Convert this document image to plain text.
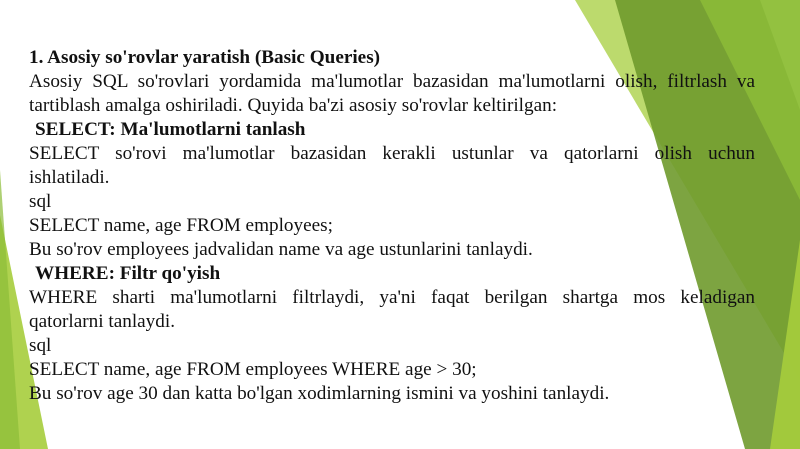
1. Asosiy so'rovlar yaratish (Basic Queries)
Asosiy SQL so'rovlari yordamida ma'lumotlar bazasidan ma'lumotlarni olish, filtrlash va
tartiblash amalga oshiriladi. Quyida ba'zi asosiy so'rovlar keltirilgan:
SELECT: Ma'lumotlarni tanlash
SELECT so'rovi ma'lumotlar bazasidan kerakli ustunlar va qatorlarni olish uchun
ishlatiladi.
sql
SELECT name, age FROM employees;
Bu so'rov employees jadvalidan name va age ustunlarini tanlaydi.
WHERE: Filtr qo'yish
WHERE sharti ma'lumotlarni filtrlaydi, ya'ni faqat berilgan shartga mos keladigan
qatorlarni tanlaydi.
sql
SELECT name, age FROM employees WHERE age > 30;
Bu so'rov age 30 dan katta bo'lgan xodimlarning ismini va yoshini tanlaydi.
